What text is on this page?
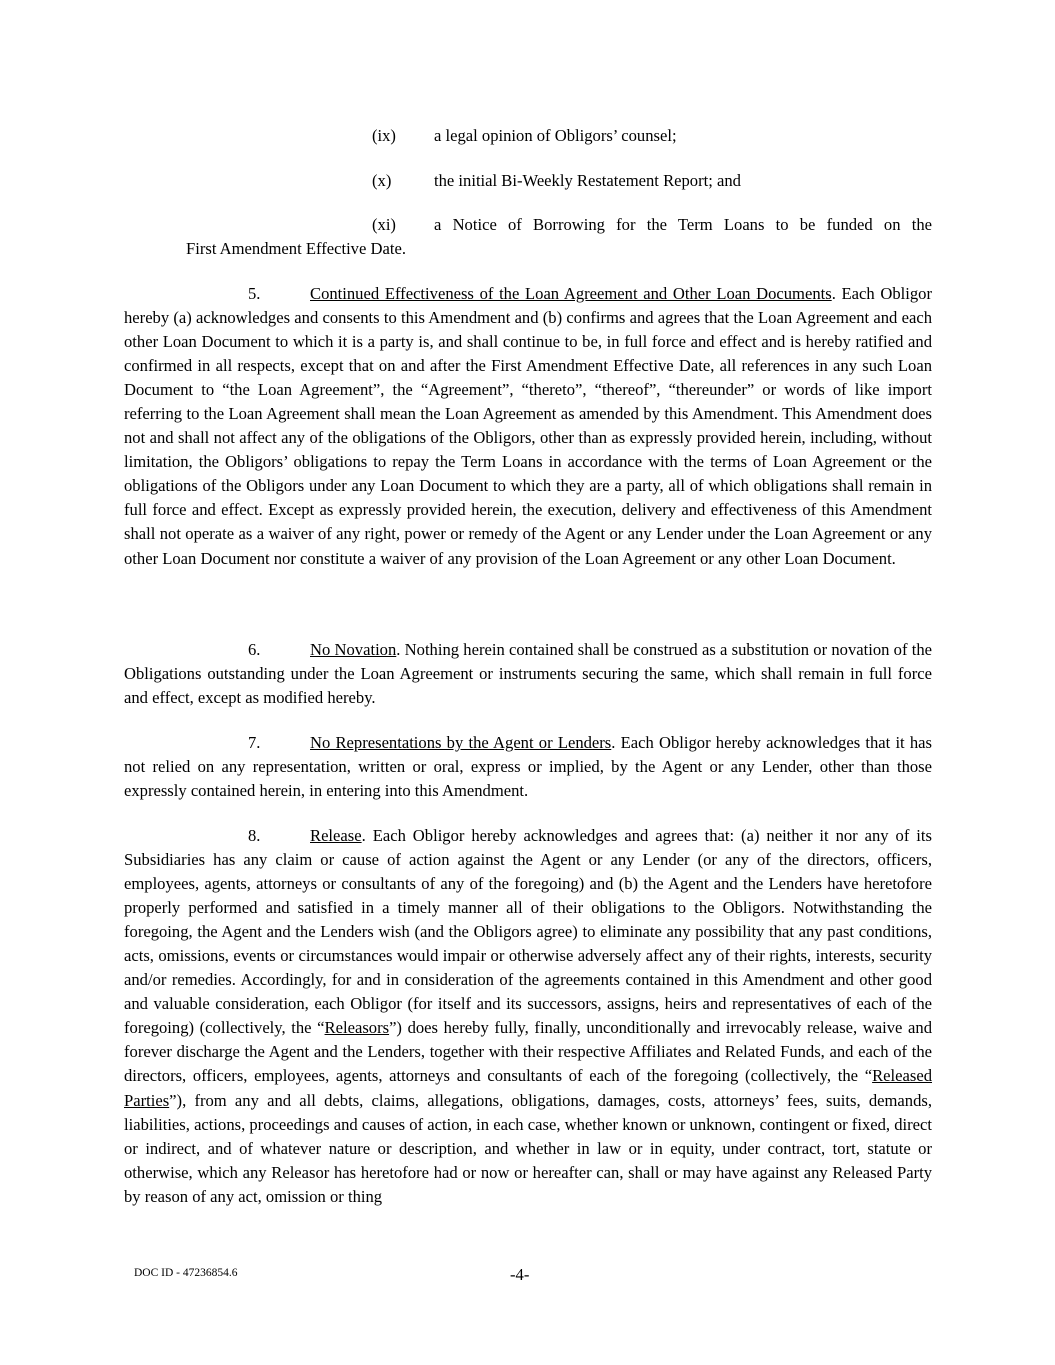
(ix) a legal opinion of Obligors’ counsel;
(x)	the initial Bi-Weekly Restatement Report; and
(xi) a Notice of Borrowing for the Term Loans to be funded on the
First Amendment Effective Date.

5.	Continued Effectiveness of the Loan Agreement and Other Loan Documents. Each Obligor hereby (a) acknowledges and consents to this Amendment and (b) confirms and agrees that the Loan Agreement and each other Loan Document to which it is a party is, and shall continue to be, in full force and effect and is hereby ratified and confirmed in all respects, except that on and after the First Amendment Effective Date, all references in any such Loan Document to “the Loan Agreement”, the “Agreement”, “thereto”, “thereof”, “thereunder” or words of like import referring to the Loan Agreement shall mean the Loan Agreement as amended by this Amendment. This Amendment does not and shall not affect any of the obligations of the Obligors, other than as expressly provided herein, including, without limitation, the Obligors’ obligations to repay the Term Loans in accordance with the terms of Loan Agreement or the obligations of the Obligors under any Loan Document to which they are a party, all of which obligations shall remain in full force and effect. Except as expressly provided herein, the execution, delivery and effectiveness of this Amendment shall not operate as a waiver of any right, power or remedy of the Agent or any Lender under the Loan Agreement or any other Loan Document nor constitute a waiver of any provision of the Loan Agreement or any other Loan Document.

6.	No Novation. Nothing herein contained shall be construed as a substitution or novation of the Obligations outstanding under the Loan Agreement or instruments securing the same, which shall remain in full force and effect, except as modified hereby.

7.	No Representations by the Agent or Lenders. Each Obligor hereby acknowledges that it has not relied on any representation, written or oral, express or implied, by the Agent or any Lender, other than those expressly contained herein, in entering into this Amendment.

8.	Release. Each Obligor hereby acknowledges and agrees that: (a) neither it nor any of its Subsidiaries has any claim or cause of action against the Agent or any Lender (or any of the directors, officers, employees, agents, attorneys or consultants of any of the foregoing) and (b) the Agent and the Lenders have heretofore properly performed and satisfied in a timely manner all of their obligations to the Obligors. Notwithstanding the foregoing, the Agent and the Lenders wish (and the Obligors agree) to eliminate any possibility that any past conditions, acts, omissions, events or circumstances would impair or otherwise adversely affect any of their rights, interests, security and/or remedies. Accordingly, for and in consideration of the agreements contained in this Amendment and other good and valuable consideration, each Obligor (for itself and its successors, assigns, heirs and representatives of each of the foregoing) (collectively, the “Releasors”) does hereby fully, finally, unconditionally and irrevocably release, waive and forever discharge the Agent and the Lenders, together with their respective Affiliates and Related Funds, and each of the directors, officers, employees, agents, attorneys and consultants of each of the foregoing (collectively, the “Released Parties”), from any and all debts, claims, allegations, obligations, damages, costs, attorneys’ fees, suits, demands, liabilities, actions, proceedings and causes of action, in each case, whether known or unknown, contingent or fixed, direct or indirect, and of whatever nature or description, and whether in law or in equity, under contract, tort, statute or otherwise, which any Releasor has heretofore had or now or hereafter can, shall or may have against any Released Party by reason of any act, omission or thing

DOC ID - 47236854.6	-4-
